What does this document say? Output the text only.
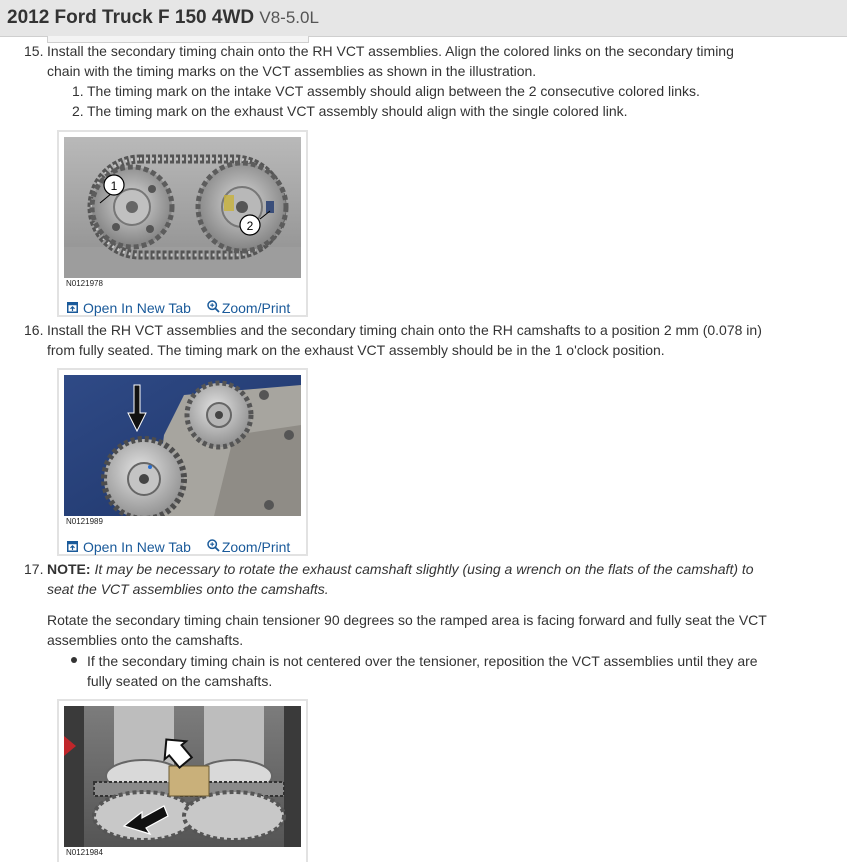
2012 Ford Truck F 150 4WD V8-5.0L
15. Install the secondary timing chain onto the RH VCT assemblies. Align the colored links on the secondary timing
chain with the timing marks on the VCT assemblies as shown in the illustration.
1. The timing mark on the intake VCT assembly should align between the 2 consecutive colored links.
2. The timing mark on the exhaust VCT assembly should align with the single colored link.
1
2
N0121978
Open In New Tab Zoom/Print
16. Install the RH VCT assemblies and the secondary timing chain onto the RH camshafts to a position 2 mm (0.078 in)
from fully seated. The timing mark on the exhaust VCT assembly should be in the 1 o'clock position.
N0121989
Open In New Tab Zoom/Print
17. NOTE: It may be necessary to rotate the exhaust camshaft slightly (using a wrench on the flats of the camshaft) to
seat the VCT assemblies onto the camshafts.
Rotate the secondary timing chain tensioner 90 degrees so the ramped area is facing forward and fully seat the VCT
assemblies onto the camshafts.
If the secondary timing chain is not centered over the tensioner, reposition the VCT assemblies until they are
fully seated on the camshafts.
N0121984
